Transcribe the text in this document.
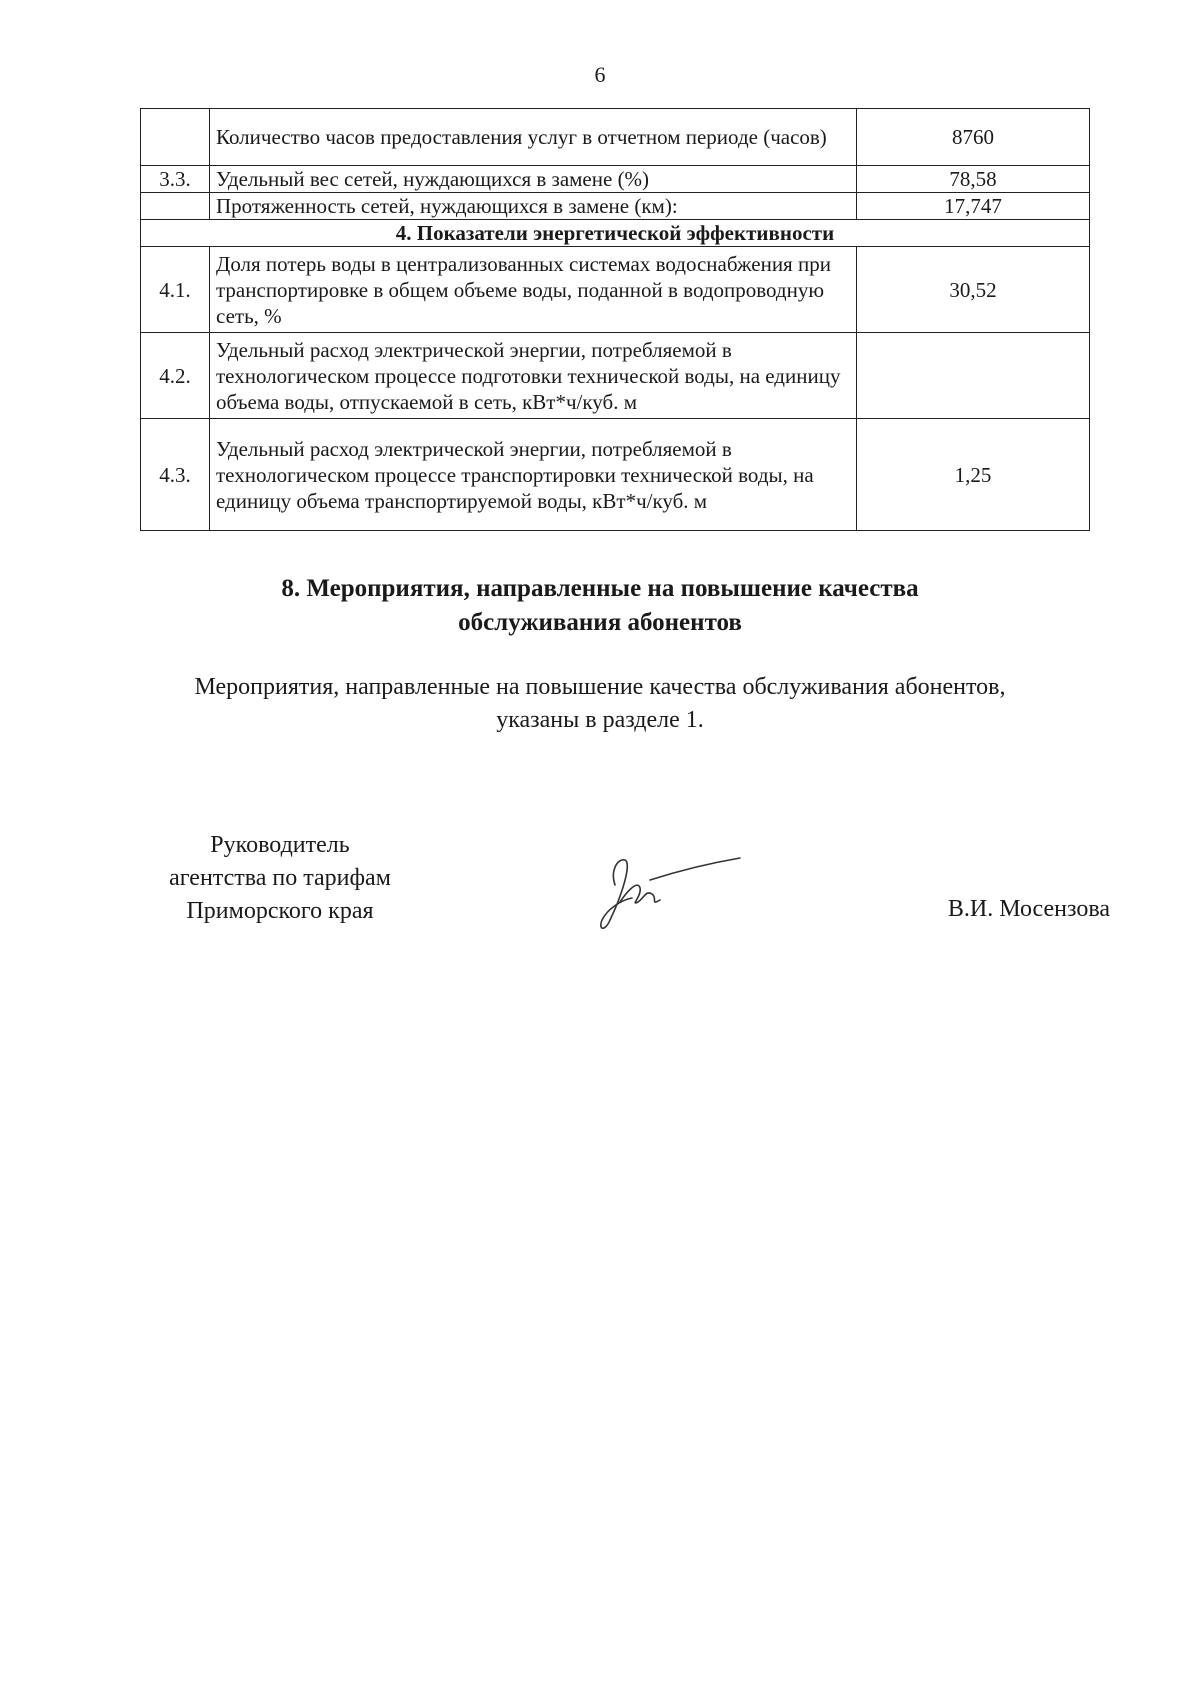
6
	Количество часов предоставления услуг в отчетном периоде (часов)	8760
3.3.	Удельный вес сетей, нуждающихся в замене (%)	78,58
	Протяженность сетей, нуждающихся в замене (км):	17,747
4. Показатели энергетической эффективности		
4.1.	Доля потерь воды в централизованных системах водоснабжения при транспортировке в общем объеме воды, поданной в водопроводную сеть, %	30,52
4.2.	Удельный расход электрической энергии, потребляемой в технологическом процессе подготовки технической воды, на единицу объема воды, отпускаемой в сеть, кВт*ч/куб. м	
4.3.	Удельный расход электрической энергии, потребляемой в технологическом процессе транспортировки технической воды, на единицу объема транспортируемой воды, кВт*ч/куб. м	1,25
8. Мероприятия, направленные на повышение качества
обслуживания абонентов
Мероприятия, направленные на повышение качества обслуживания абонентов,
указаны в разделе 1.
Руководитель
агентства по тарифам
Приморского края	В.И. Мосензова
